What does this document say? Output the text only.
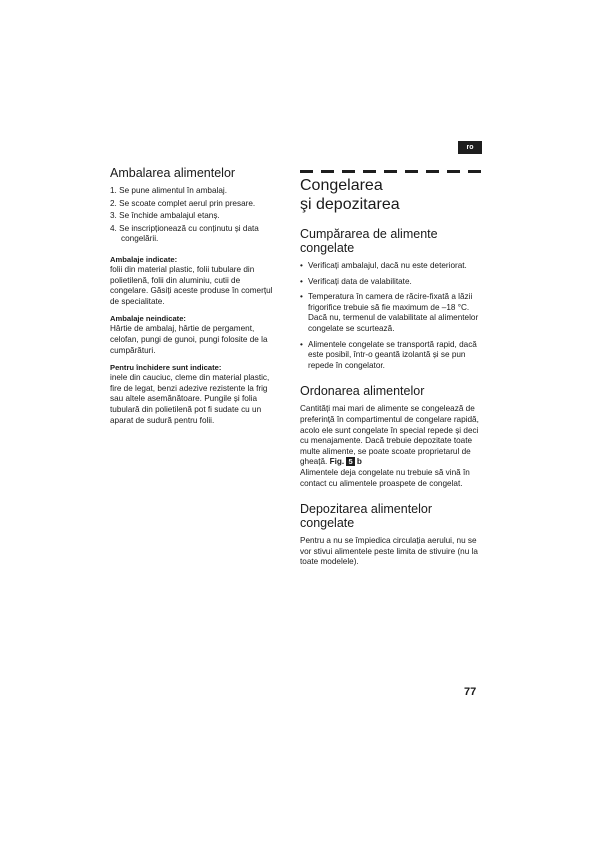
ro
Ambalarea alimentelor
1. Se pune alimentul în ambalaj.
2. Se scoate complet aerul prin presare.
3. Se închide ambalajul etanș.
4. Se inscripționează cu conținutu și data congelării.

Ambalaje indicate:

folii din material plastic, folii tubulare din polietilenă, folii din aluminiu, cutii de congelare. Găsiți aceste produse în comerțul de specialitate.

Ambalaje neindicate:

Hârtie de ambalaj, hârtie de pergament, celofan, pungi de gunoi, pungi folosite de la cumpărături.

Pentru închidere sunt indicate:

inele din cauciuc, cleme din material plastic, fire de legat, benzi adezive rezistente la frig sau altele asemănătoare. Pungile și folia tubulară din polietilenă pot fi sudate cu un aparat de sudură pentru folii.

Congelarea
şi depozitarea
Cumpărarea de alimente
congelate
• Verificați ambalajul, dacă nu este deteriorat.
• Verificați data de valabilitate.
• Temperatura în camera de răcire-fixată a lăzii frigorifice trebuie să fie maximum de –18 °C. Dacă nu, termenul de valabilitate al alimentelor congelate se scurtează.
• Alimentele congelate se transportă rapid, dacă este posibil, într-o geantă izolantă și se pun repede în congelator.
Ordonarea alimentelor

Cantități mai mari de alimente se congelează de preferință în compartimentul de congelare rapidă, acolo ele sunt congelate în special repede și deci cu menajamente. Dacă trebuie depozitate toate multe alimente, se poate scoate proprietarul de gheață. Fig. 5 b

Alimentele deja congelate nu trebuie să vină în contact cu alimentele proaspete de congelat.

Depozitarea alimentelor
congelate

Pentru a nu se împiedica circulația aerului, nu se vor stivui alimentele peste limita de stivuire (nu la toate modelele).

77
